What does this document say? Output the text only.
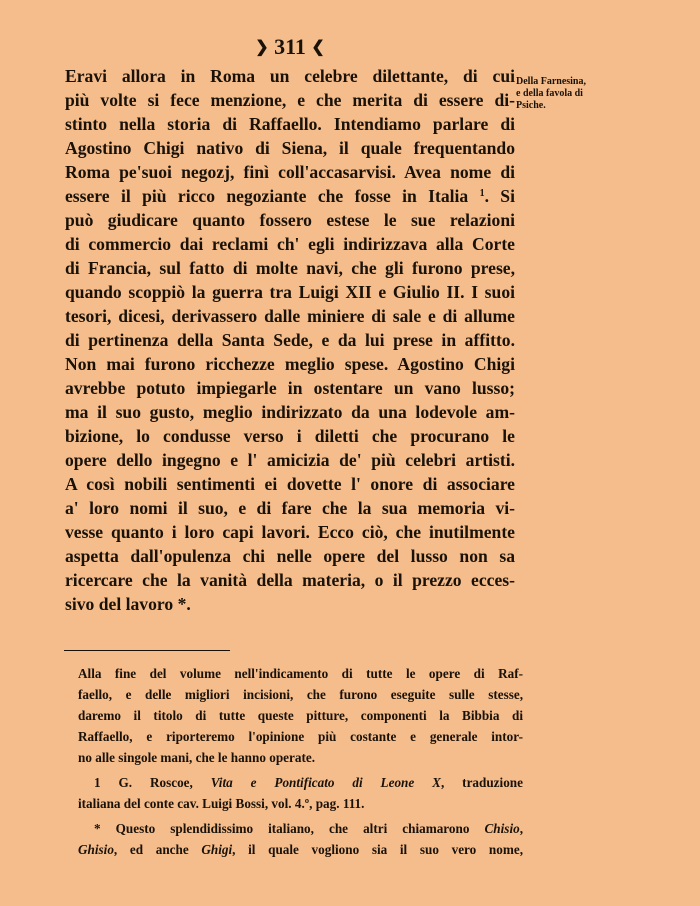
❯ 311 ❮
Della Farnesina,
e della favola di
Psiche.
Eravi allora in Roma un celebre dilettante, di cui
più volte si fece menzione, e che merita di essere di-
stinto nella storia di Raffaello. Intendiamo parlare di
Agostino Chigi nativo di Siena, il quale frequentando
Roma pe'suoi negozj, finì coll'accasarvisi. Avea nome di
essere il più ricco negoziante che fosse in Italia $^1$. Si
può giudicare quanto fossero estese le sue relazioni
di commercio dai reclami ch' egli indirizzava alla Corte
di Francia, sul fatto di molte navi, che gli furono prese,
quando scoppiò la guerra tra Luigi XII e Giulio II. I suoi
tesori, dicesi, derivassero dalle miniere di sale e di allume
di pertinenza della Santa Sede, e da lui prese in affitto.
Non mai furono ricchezze meglio spese. Agostino Chigi
avrebbe potuto impiegarle in ostentare un vano lusso;
ma il suo gusto, meglio indirizzato da una lodevole am-
bizione, lo condusse verso i diletti che procurano le
opere dello ingegno e l' amicizia de' più celebri artisti.
A così nobili sentimenti ei dovette l' onore di associare
a' loro nomi il suo, e di fare che la sua memoria vi-
vesse quanto i loro capi lavori. Ecco ciò, che inutilmente
aspetta dall'opulenza chi nelle opere del lusso non sa
ricercare che la vanità della materia, o il prezzo ecces-
sivo del lavoro *.
Alla fine del volume nell'indicamento di tutte le opere di Raf-
faello, e delle migliori incisioni, che furono eseguite sulle stesse,
daremo il titolo di tutte queste pitture, componenti la Bibbia di
Raffaello, e riporteremo l'opinione più costante e generale intor-
no alle singole mani, che le hanno operate.
1 G. Roscoe, Vita e Pontificato di Leone X, traduzione
italiana del conte cav. Luigi Bossi, vol. 4.º, pag. 111.
* Questo splendidissimo italiano, che altri chiamarono Chisio,
Ghisio, ed anche Ghigi, il quale vogliono sia il suo vero nome,
